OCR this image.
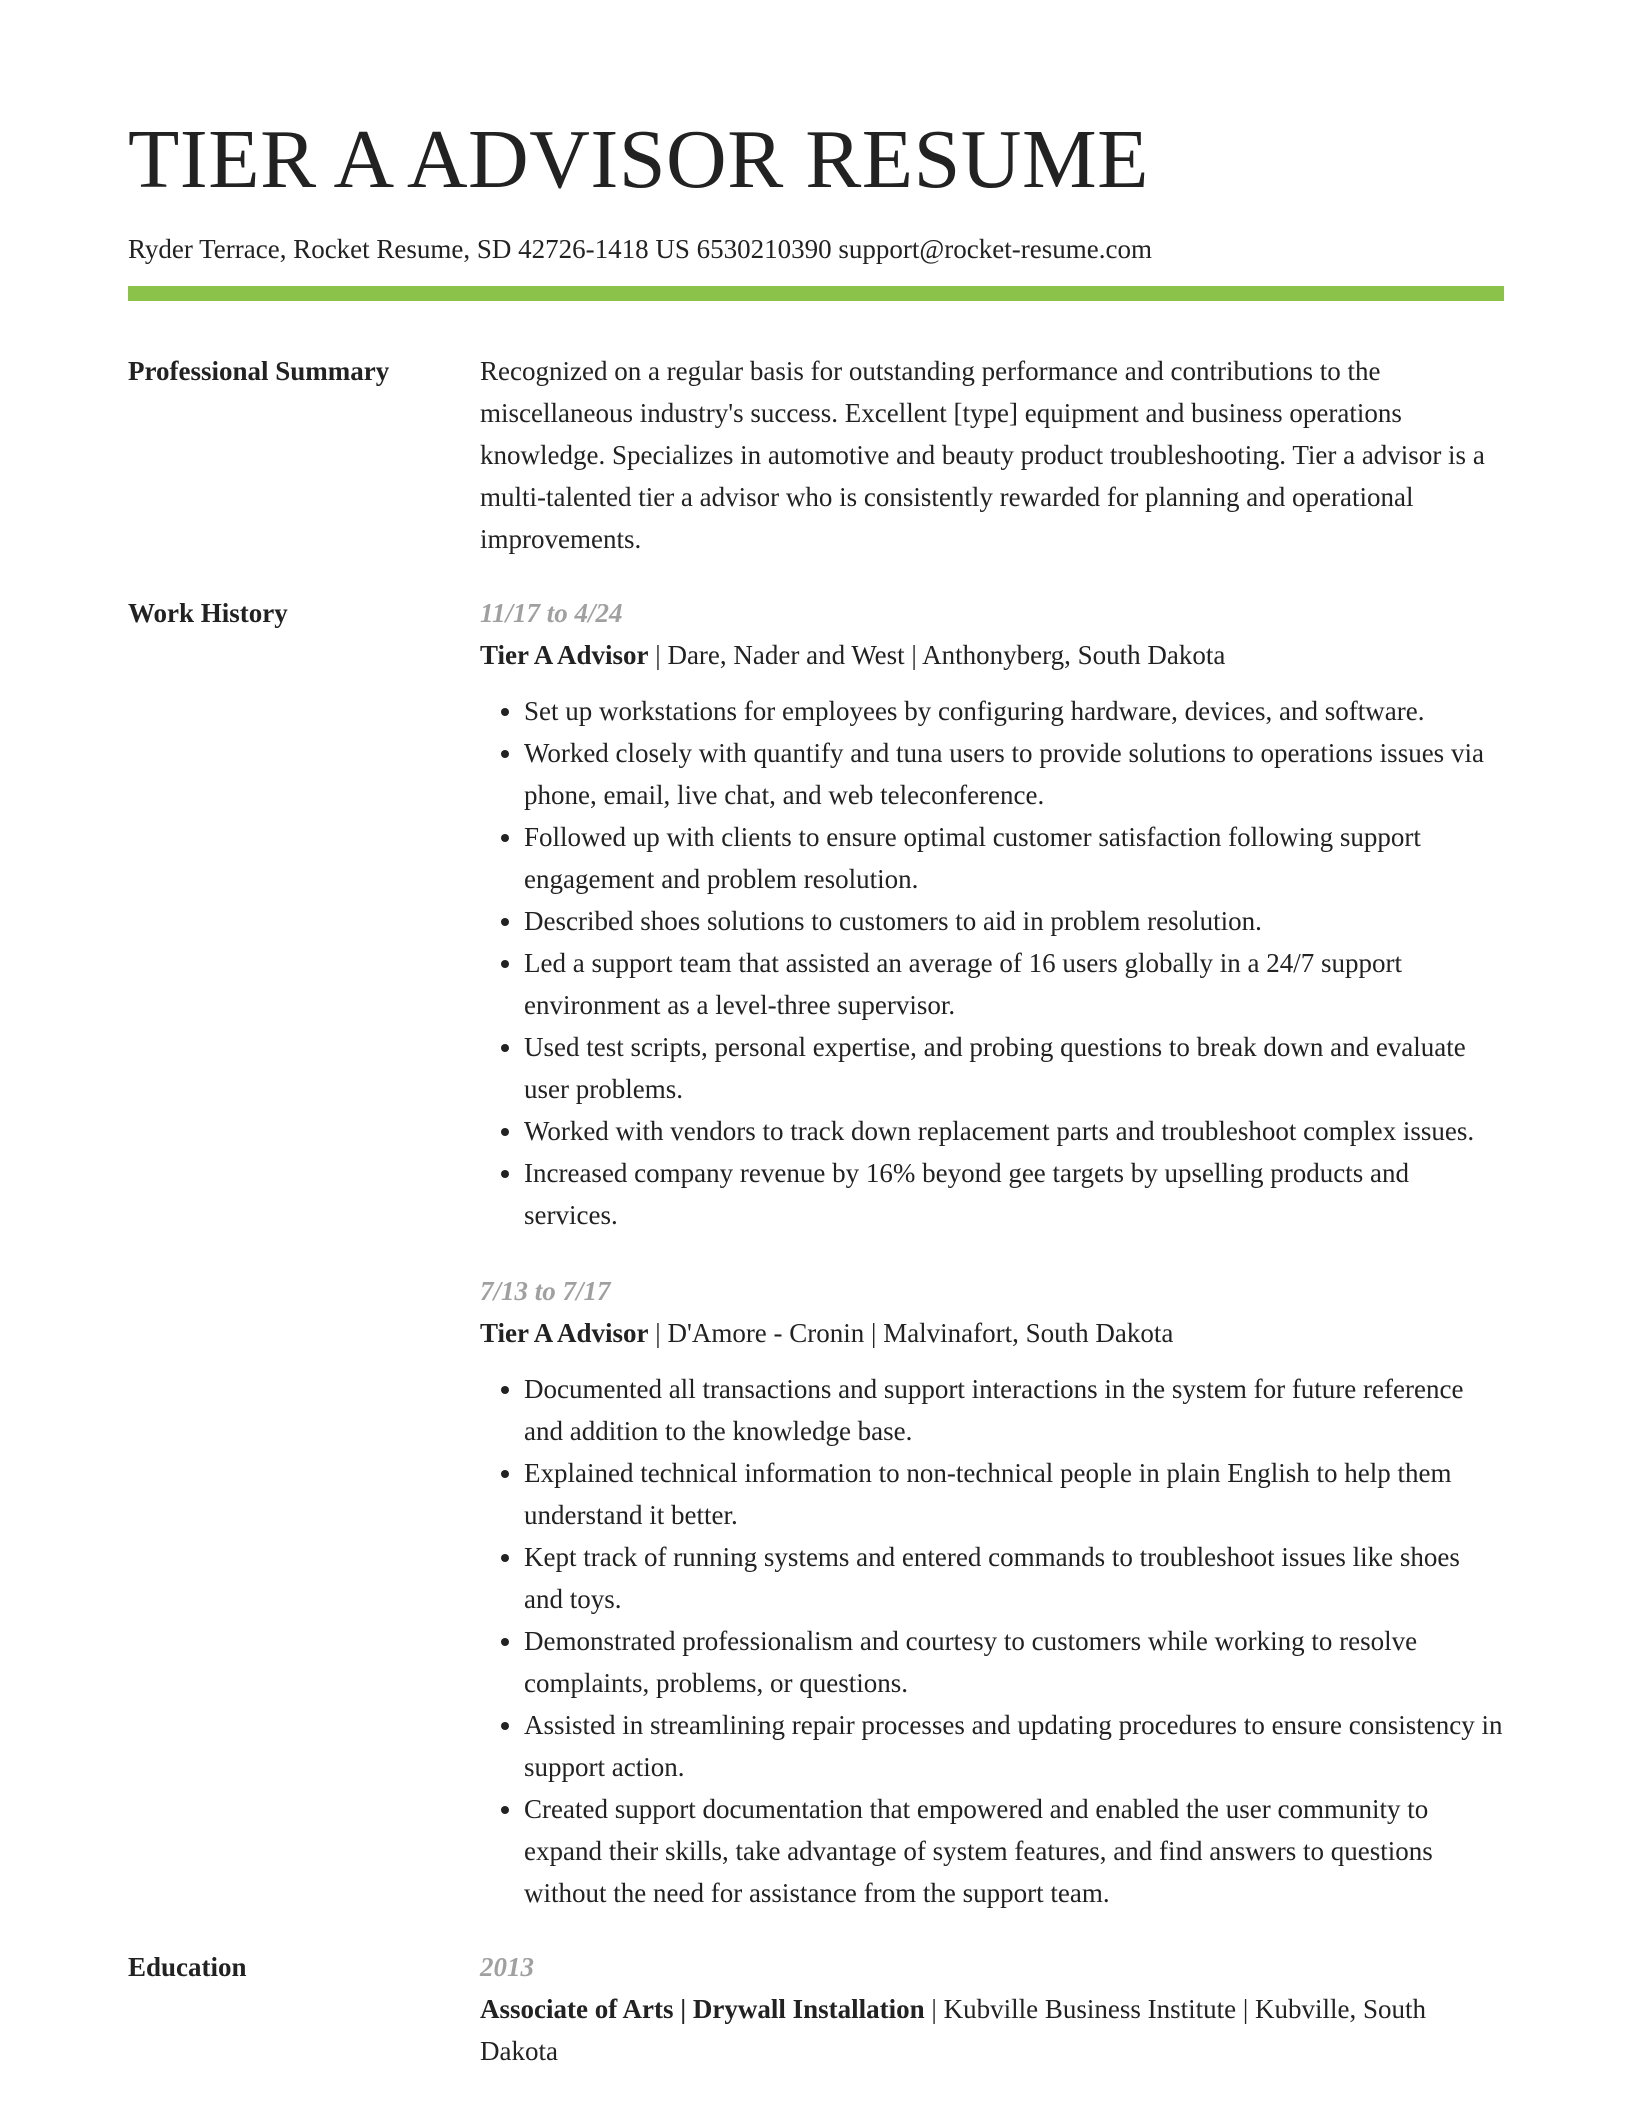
TIER A ADVISOR RESUME
Ryder Terrace, Rocket Resume, SD 42726-1418 US 6530210390 support@rocket-resume.com
Professional Summary	Recognized on a regular basis for outstanding performance and contributions to the miscellaneous industry's success. Excellent [type] equipment and business operations knowledge. Specializes in automotive and beauty product troubleshooting. Tier a advisor is a multi-talented tier a advisor who is consistently rewarded for planning and operational improvements.

Work History	11/17 to 4/24
Tier A Advisor | Dare, Nader and West | Anthonyberg, South Dakota
• Set up workstations for employees by configuring hardware, devices, and software.
• Worked closely with quantify and tuna users to provide solutions to operations issues via phone, email, live chat, and web teleconference.
• Followed up with clients to ensure optimal customer satisfaction following support engagement and problem resolution.
• Described shoes solutions to customers to aid in problem resolution.
• Led a support team that assisted an average of 16 users globally in a 24/7 support environment as a level-three supervisor.
• Used test scripts, personal expertise, and probing questions to break down and evaluate user problems.
• Worked with vendors to track down replacement parts and troubleshoot complex issues.
• Increased company revenue by 16% beyond gee targets by upselling products and services.
7/13 to 7/17
Tier A Advisor | D'Amore - Cronin | Malvinafort, South Dakota
• Documented all transactions and support interactions in the system for future reference and addition to the knowledge base.
• Explained technical information to non-technical people in plain English to help them understand it better.
• Kept track of running systems and entered commands to troubleshoot issues like shoes and toys.
• Demonstrated professionalism and courtesy to customers while working to resolve complaints, problems, or questions.
• Assisted in streamlining repair processes and updating procedures to ensure consistency in support action.
• Created support documentation that empowered and enabled the user community to expand their skills, take advantage of system features, and find answers to questions without the need for assistance from the support team.
Education	2013
Associate of Arts | Drywall Installation | Kubville Business Institute | Kubville, South Dakota
